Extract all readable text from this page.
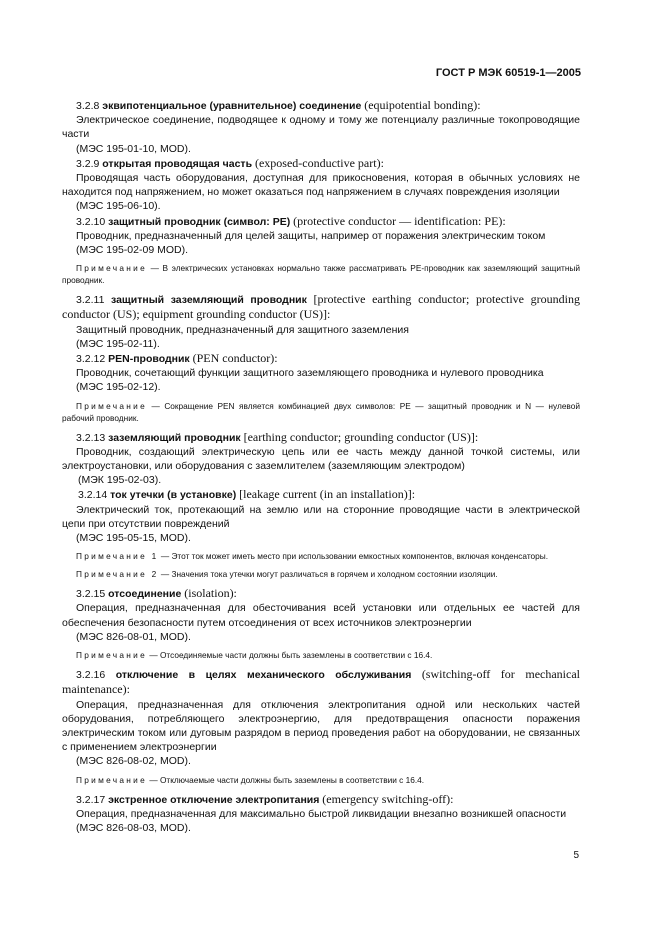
ГОСТ Р МЭК 60519-1—2005

3.2.8 эквипотенциальное (уравнительное) соединение (equipotential bonding):

Электрическое соединение, подводящее к одному и тому же потенциалу различные токопроводящие части

(МЭС 195-01-10, MOD).

3.2.9 открытая проводящая часть (exposed-conductive part):

Проводящая часть оборудования, доступная для прикосновения, которая в обычных условиях не находится под напряжением, но может оказаться под напряжением в случаях повреждения изоляции

(МЭС 195-06-10).

3.2.10 защитный проводник (символ: PE) (protective conductor — identification: PE):

Проводник, предназначенный для целей защиты, например от поражения электрическим током

(МЭС 195-02-09 MOD).

Примечание — В электрических установках нормально также рассматривать PE-проводник как заземляющий защитный проводник.

3.2.11 защитный заземляющий проводник [protective earthing conductor; protective grounding conductor (US); equipment grounding conductor (US)]:

Защитный проводник, предназначенный для защитного заземления

(МЭС 195-02-11).

3.2.12 PEN-проводник (PEN conductor):

Проводник, сочетающий функции защитного заземляющего проводника и нулевого проводника

(МЭС 195-02-12).

Примечание — Сокращение PEN является комбинацией двух символов: PE — защитный проводник и N — нулевой рабочий проводник.

3.2.13 заземляющий проводник [earthing conductor; grounding conductor (US)]:

Проводник, создающий электрическую цепь или ее часть между данной точкой системы, или электроустановки, или оборудования с заземлителем (заземляющим электродом)

(МЭК 195-02-03).

3.2.14 ток утечки (в установке) [leakage current (in an installation)]:

Электрический ток, протекающий на землю или на сторонние проводящие части в электрической цепи при отсутствии повреждений

(МЭС 195-05-15, MOD).

Примечание 1 — Этот ток может иметь место при использовании емкостных компонентов, включая конденсаторы.

Примечание 2 — Значения тока утечки могут различаться в горячем и холодном состоянии изоляции.

3.2.15 отсоединение (isolation):

Операция, предназначенная для обесточивания всей установки или отдельных ее частей для обеспечения безопасности путем отсоединения от всех источников электроэнергии

(МЭС 826-08-01, MOD).

Примечание — Отсоединяемые части должны быть заземлены в соответствии с 16.4.

3.2.16 отключение в целях механического обслуживания (switching-off for mechanical maintenance):

Операция, предназначенная для отключения электропитания одной или нескольких частей оборудования, потребляющего электроэнергию, для предотвращения опасности поражения электрическим током или дуговым разрядом в период проведения работ на оборудовании, не связанных с применением электроэнергии

(МЭС 826-08-02, MOD).

Примечание — Отключаемые части должны быть заземлены в соответствии с 16.4.

3.2.17 экстренное отключение электропитания (emergency switching-off):

Операция, предназначенная для максимально быстрой ликвидации внезапно возникшей опасности

(МЭС 826-08-03, MOD).

5
